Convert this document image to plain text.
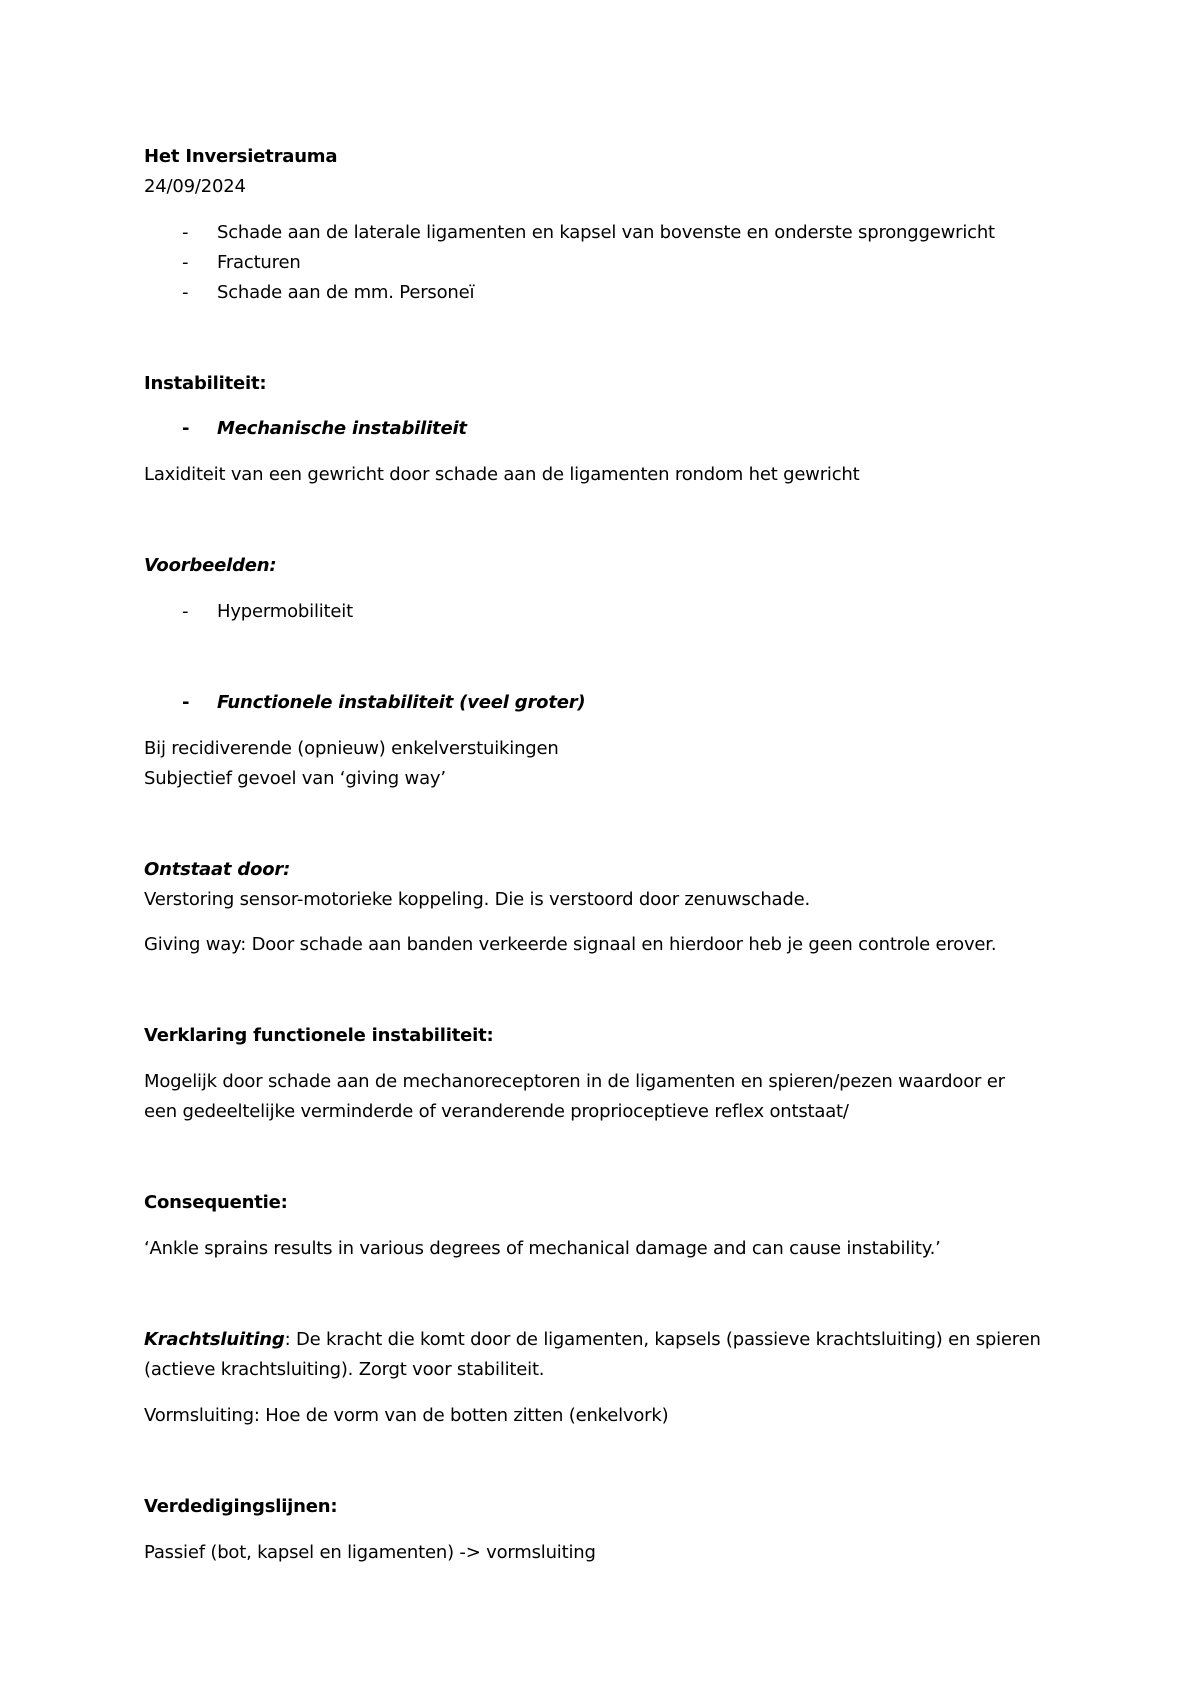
Het Inversietrauma
24/09/2024
- Schade aan de laterale ligamenten en kapsel van bovenste en onderste spronggewricht
- Fracturen
- Schade aan de mm. Personeï
Instabiliteit:
- Mechanische instabiliteit
Laxiditeit van een gewricht door schade aan de ligamenten rondom het gewricht
Voorbeelden:
- Hypermobiliteit
- Functionele instabiliteit (veel groter)
Bij recidiverende (opnieuw) enkelverstuikingen
Subjectief gevoel van ‘giving way’
Ontstaat door:
Verstoring sensor-motorieke koppeling. Die is verstoord door zenuwschade.
Giving way: Door schade aan banden verkeerde signaal en hierdoor heb je geen controle erover.
Verklaring functionele instabiliteit:
Mogelijk door schade aan de mechanoreceptoren in de ligamenten en spieren/pezen waardoor er
een gedeeltelijke verminderde of veranderende proprioceptieve reflex ontstaat/
Consequentie:
‘Ankle sprains results in various degrees of mechanical damage and can cause instability.’
Krachtsluiting: De kracht die komt door de ligamenten, kapsels (passieve krachtsluiting) en spieren
(actieve krachtsluiting). Zorgt voor stabiliteit.
Vormsluiting: Hoe de vorm van de botten zitten (enkelvork)
Verdedigingslijnen:
Passief (bot, kapsel en ligamenten) -> vormsluiting
